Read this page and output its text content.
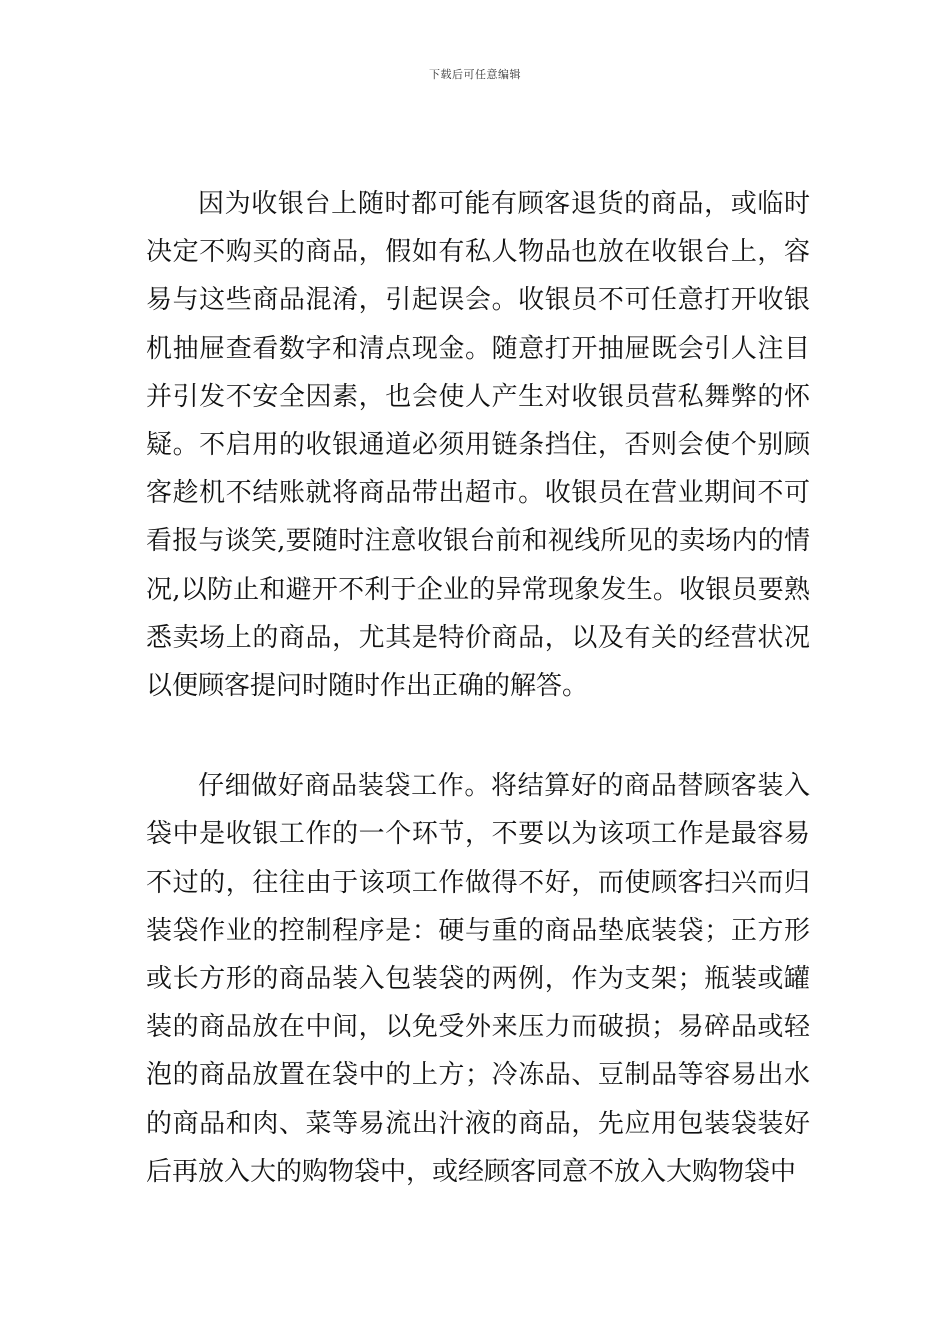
下载后可任意编辑

因为收银台上随时都可能有顾客退货的商品，或临时决定不购买的商品，假如有私人物品也放在收银台上，容易与这些商品混淆，引起误会。收银员不可任意打开收银机抽屉查看数字和清点现金。随意打开抽屉既会引人注目并引发不安全因素，也会使人产生对收银员营私舞弊的怀疑。不启用的收银通道必须用链条挡住，否则会使个别顾客趁机不结账就将商品带出超市。收银员在营业期间不可看报与谈笑,要随时注意收银台前和视线所见的卖场内的情况,以防止和避开不利于企业的异常现象发生。收银员要熟悉卖场上的商品，尤其是特价商品，以及有关的经营状况以便顾客提问时随时作出正确的解答。

仔细做好商品装袋工作。将结算好的商品替顾客装入袋中是收银工作的一个环节，不要以为该项工作是最容易不过的，往往由于该项工作做得不好，而使顾客扫兴而归装袋作业的控制程序是：硬与重的商品垫底装袋；正方形或长方形的商品装入包装袋的两例，作为支架；瓶装或罐装的商品放在中间，以免受外来压力而破损；易碎品或轻泡的商品放置在袋中的上方；冷冻品、豆制品等容易出水的商品和肉、菜等易流出汁液的商品，先应用包装袋装好后再放入大的购物袋中，或经顾客同意不放入大购物袋中
